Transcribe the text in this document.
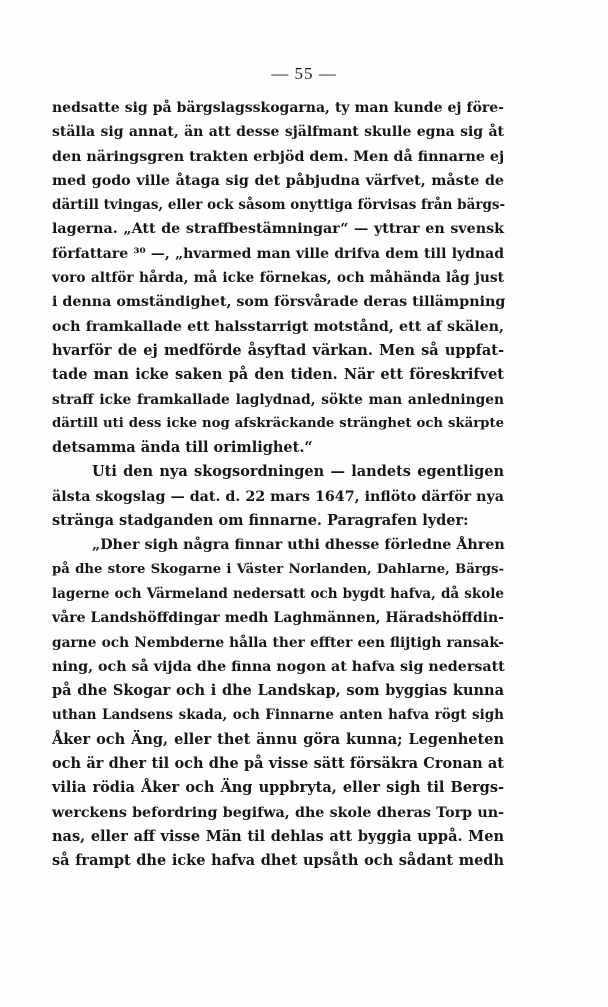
— 55 —
nedsatte sig på bärgslagsskogarna, ty man kunde ej före-
ställa sig annat, än att desse själfmant skulle egna sig åt
den näringsgren trakten erbjöd dem. Men då finnarne ej
med godo ville åtaga sig det påbjudna värfvet, måste de
därtill tvingas, eller ock såsom onyttiga förvisas från bärgs-
lagerna. „Att de straffbestämningar“ — yttrar en svensk
författare ³⁰ —, „hvarmed man ville drifva dem till lydnad
voro altför hårda, må icke förnekas, och måhända låg just
i denna omständighet, som försvårade deras tillämpning
och framkallade ett halsstarrigt motstånd, ett af skälen,
hvarför de ej medförde åsyftad värkan. Men så uppfat-
tade man icke saken på den tiden. När ett föreskrifvet
straff icke framkallade laglydnad, sökte man anledningen
därtill uti dess icke nog afskräckande stränghet och skärpte
detsamma ända till orimlighet.“
Uti den nya skogsordningen — landets egentligen
älsta skogslag — dat. d. 22 mars 1647, inflöto därför nya
stränga stadganden om finnarne. Paragrafen lyder:
„Dher sigh några finnar uthi dhesse förledne Åhren
på dhe store Skogarne i Väster Norlanden, Dahlarne, Bärgs-
lagerne och Värmeland nedersatt och bygdt hafva, då skole
våre Landshöffdingar medh Laghmännen, Häradshöffdin-
garne och Nembderne hålla ther effter een flijtigh ransak-
ning, och så vijda dhe finna nogon at hafva sig nedersatt
på dhe Skogar och i dhe Landskap, som byggias kunna
uthan Landsens skada, och Finnarne anten hafva rögt sigh
Åker och Äng, eller thet ännu göra kunna; Legenheten
och är dher til och dhe på visse sätt försäkra Cronan at
vilia rödia Åker och Äng uppbryta, eller sigh til Bergs-
werckens befordring begifwa, dhe skole dheras Torp un-
nas, eller aff visse Män til dehlas att byggia uppå. Men
så frampt dhe icke hafva dhet upsåth och sådant medh
